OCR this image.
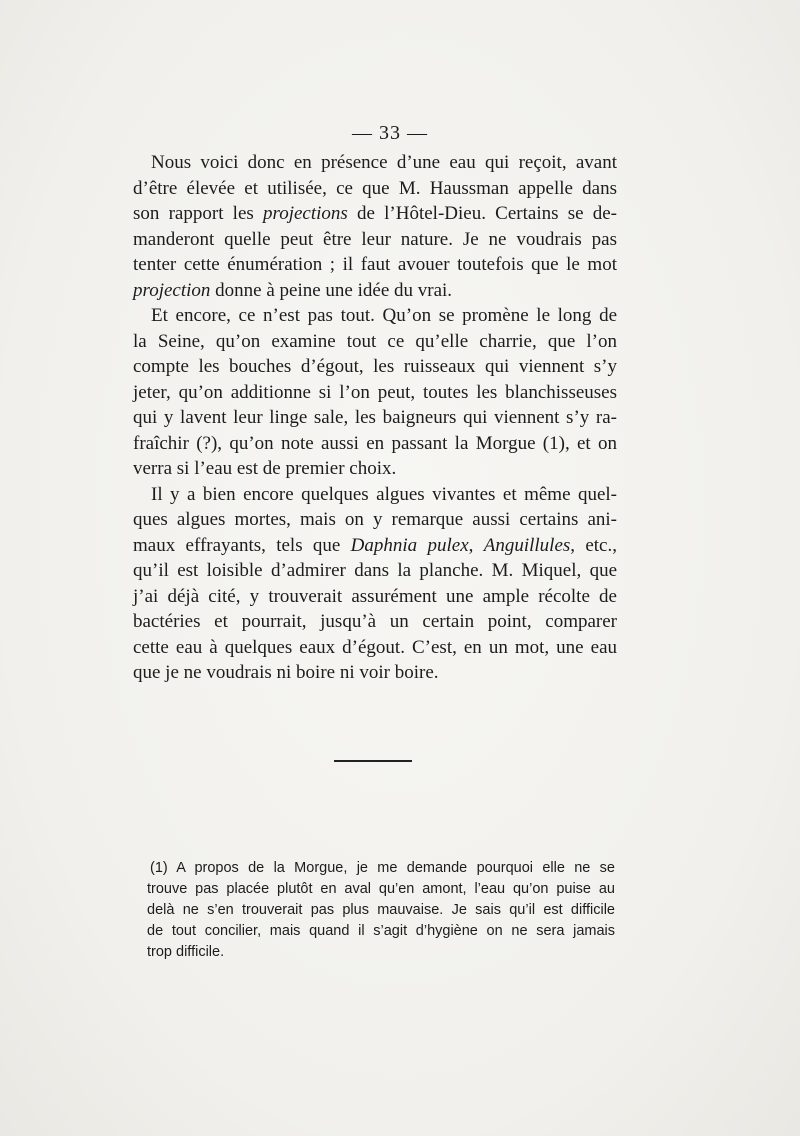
— 33 —
Nous voici donc en présence d’une eau qui reçoit, avant
d’être élevée et utilisée, ce que M. Haussman appelle dans
son rapport les projections de l’Hôtel-Dieu. Certains se de-
manderont quelle peut être leur nature. Je ne voudrais pas
tenter cette énumération ; il faut avouer toutefois que le mot
projection donne à peine une idée du vrai.
Et encore, ce n’est pas tout. Qu’on se promène le long de
la Seine, qu’on examine tout ce qu’elle charrie, que l’on
compte les bouches d’égout, les ruisseaux qui viennent s’y
jeter, qu’on additionne si l’on peut, toutes les blanchisseuses
qui y lavent leur linge sale, les baigneurs qui viennent s’y ra-
fraîchir (?), qu’on note aussi en passant la Morgue (1), et on
verra si l’eau est de premier choix.
Il y a bien encore quelques algues vivantes et même quel-
ques algues mortes, mais on y remarque aussi certains ani-
maux effrayants, tels que Daphnia pulex, Anguillules, etc.,
qu’il est loisible d’admirer dans la planche. M. Miquel, que
j’ai déjà cité, y trouverait assurément une ample récolte de
bactéries et pourrait, jusqu’à un certain point, comparer
cette eau à quelques eaux d’égout. C’est, en un mot, une eau
que je ne voudrais ni boire ni voir boire.
(1) A propos de la Morgue, je me demande pourquoi elle ne se
trouve pas placée plutôt en aval qu’en amont, l’eau qu’on puise au
delà ne s’en trouverait pas plus mauvaise. Je sais qu’il est difficile
de tout concilier, mais quand il s’agit d’hygiène on ne sera jamais
trop difficile.
